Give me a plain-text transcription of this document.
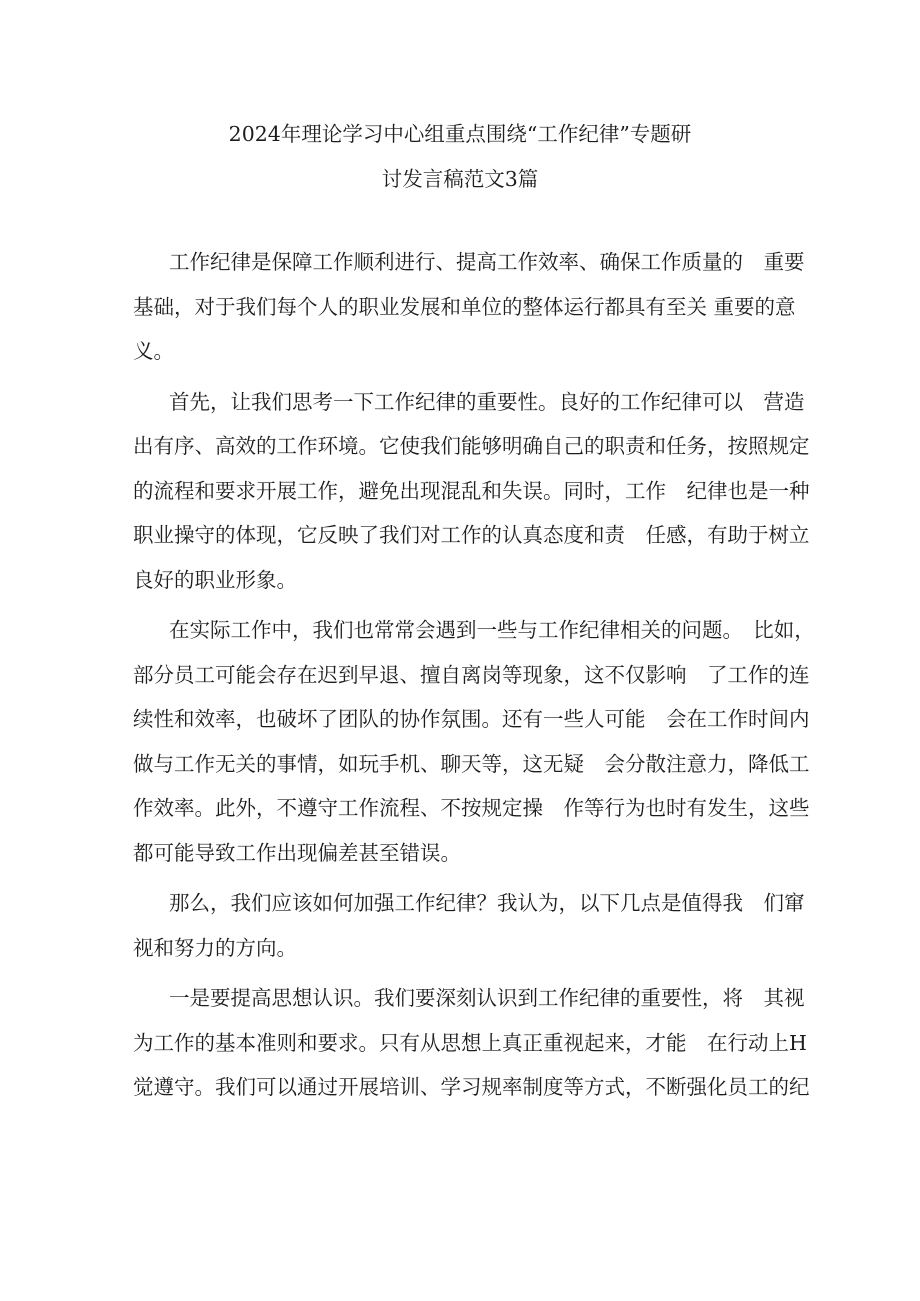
2024年理论学习中心组重点围绕“工作纪律”专题研
讨发言稿范文3篇
工作纪律是保障工作顺利进行、提高工作效率、确保工作质量的　重要
基础，对于我们每个人的职业发展和单位的整体运行都具有至关 重要的意
义。
首先，让我们思考一下工作纪律的重要性。良好的工作纪律可以　营造
出有序、高效的工作环境。它使我们能够明确自己的职责和任务，按照规定
的流程和要求开展工作，避免出现混乱和失误。同时，工作　纪律也是一种
职业操守的体现，它反映了我们对工作的认真态度和责　任感，有助于树立
良好的职业形象。
在实际工作中，我们也常常会遇到一些与工作纪律相关的问题。　比如，
部分员工可能会存在迟到早退、擅自离岗等现象，这不仅影响　了工作的连
续性和效率，也破坏了团队的协作氛围。还有一些人可能　会在工作时间内
做与工作无关的事情，如玩手机、聊天等，这无疑　会分散注意力，降低工
作效率。此外，不遵守工作流程、不按规定操　作等行为也时有发生，这些
都可能导致工作出现偏差甚至错误。
那么，我们应该如何加强工作纪律？我认为，以下几点是值得我　们窜
视和努力的方向。
一是要提高思想认识。我们要深刻认识到工作纪律的重要性，将　其视
为工作的基本准则和要求。只有从思想上真正重视起来，才能　在行动上H
觉遵守。我们可以通过开展培训、学习规率制度等方式，不断强化员工的纪
